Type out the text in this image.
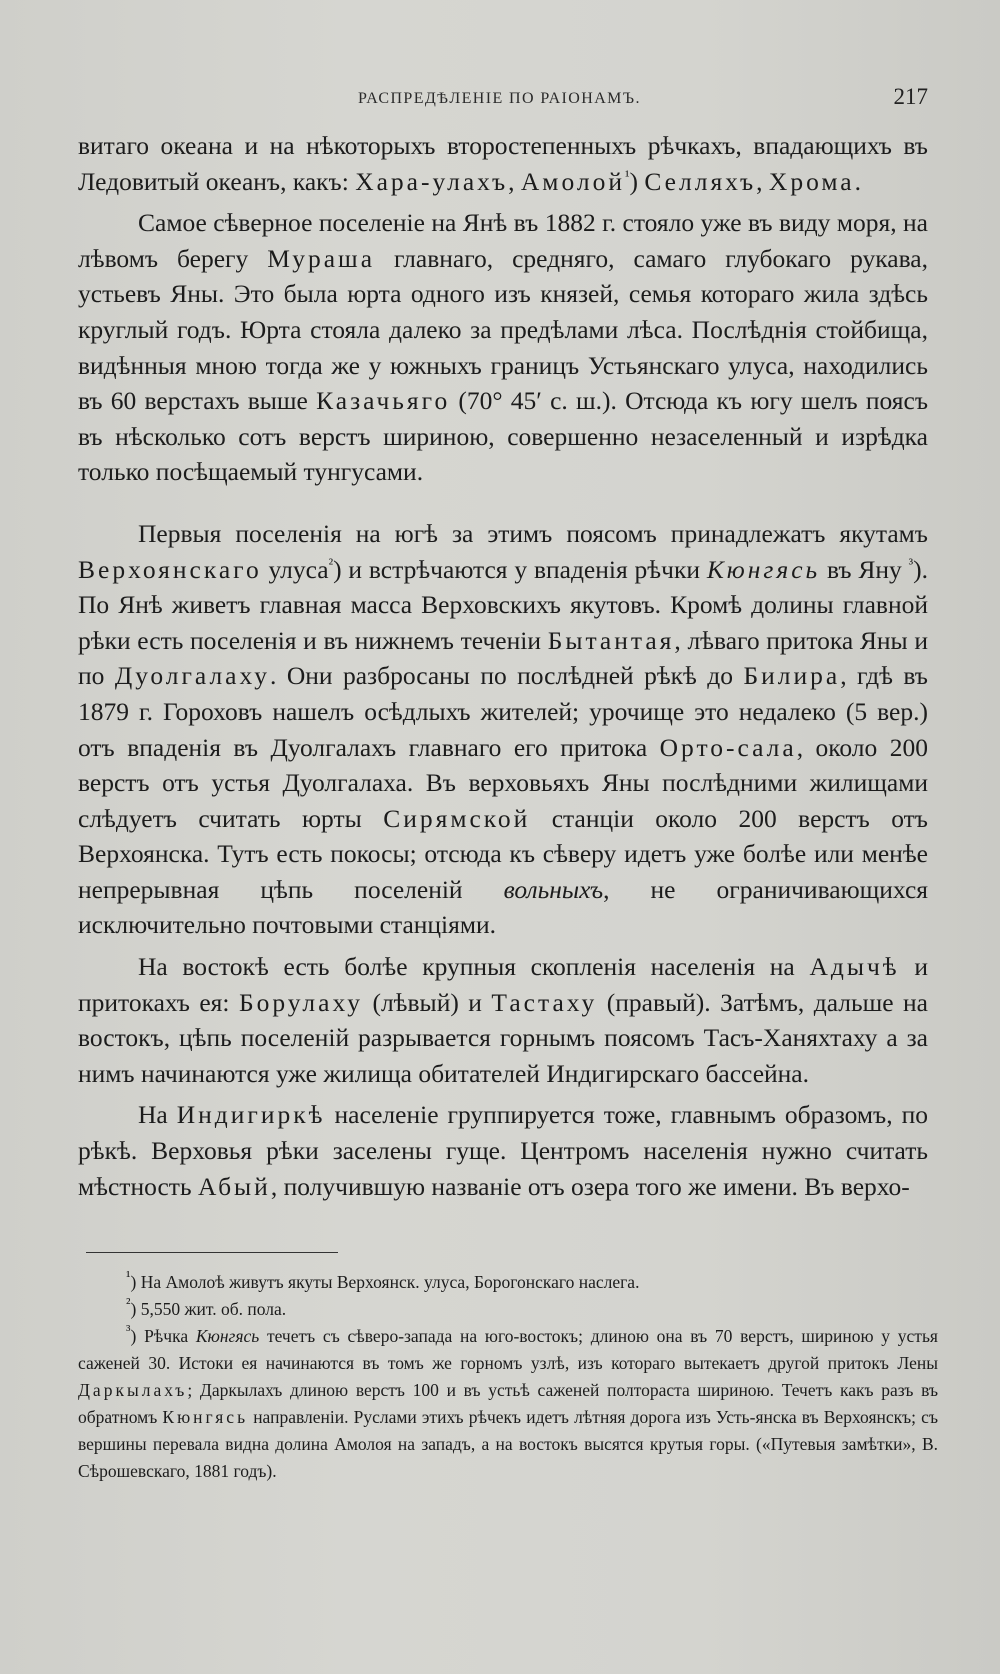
РАСПРЕДѢЛЕНІЕ ПО РАІОНАМЪ.	217

витаго океана и на нѣкоторыхъ второстепенныхъ рѣчкахъ, впадающихъ въ Ледовитый океанъ, какъ: Хара-улахъ, Амолой$^{^1}$) Селляхъ, Хрома.

Самое сѣверное поселеніе на Янѣ въ 1882 г. стояло уже въ виду моря, на лѣвомъ берегу Мураша главнаго, средняго, самаго глубокаго рукава, устьевъ Яны. Это была юрта одного изъ князей, семья котораго жила здѣсь круглый годъ. Юрта стояла далеко за предѣлами лѣса. Послѣднія стойбища, видѣнныя мною тогда же у южныхъ границъ Устьянскаго улуса, находились въ 60 верстахъ выше Казачьяго (70° 45′ с. ш.). Отсюда къ югу шелъ поясъ въ нѣсколько сотъ верстъ шириною, совершенно незаселенный и изрѣдка только посѣщаемый тунгусами.

Первыя поселенія на югѣ за этимъ поясомъ принадлежатъ якутамъ Верхоянскаго улуса$^{^2}$) и встрѣчаются у впаденія рѣчки Кюнгясь въ Яну $^{^3}$). По Янѣ живетъ главная масса Верховскихъ якутовъ. Кромѣ долины главной рѣки есть поселенія и въ нижнемъ теченіи Бытантая, лѣваго притока Яны и по Дуолгалаху. Они разбросаны по послѣдней рѣкѣ до Билира, гдѣ въ 1879 г. Гороховъ нашелъ осѣдлыхъ жителей; урочище это недалеко (5 вер.) отъ впаденія въ Дуолгалахъ главнаго его притока Орто-сала, около 200 верстъ отъ устья Дуолгалаха. Въ верховьяхъ Яны послѣдними жилищами слѣдуетъ считать юрты Сирямской станціи около 200 верстъ отъ Верхоянска. Тутъ есть покосы; отсюда къ сѣверу идетъ уже болѣе или менѣе непрерывная цѣпь поселеній вольныхъ, не ограничивающихся исключительно почтовыми станціями.

На востокѣ есть болѣе крупныя скопленія населенія на Адычѣ и притокахъ ея: Борулаху (лѣвый) и Тастаху (правый). Затѣмъ, дальше на востокъ, цѣпь поселеній разрывается горнымъ поясомъ Тасъ-Ханяхтаху а за нимъ начинаются уже жилища обитателей Индигирскаго бассейна.

На Индигиркѣ населеніе группируется тоже, главнымъ образомъ, по рѣкѣ. Верховья рѣки заселены гуще. Центромъ населенія нужно считать мѣстность Абый, получившую названіе отъ озера того же имени. Въ верхо-

$^{^1}$) На Амолоѣ живутъ якуты Верхоянск. улуса, Борогонскаго наслега.

$^{^2}$) 5,550 жит. об. пола.

$^{^3}$) Рѣчка Кюнгясь течетъ съ сѣверо-запада на юго-востокъ; длиною она въ 70 верстъ, шириною у устья саженей 30. Истоки ея начинаются въ томъ же горномъ узлѣ, изъ котораго вытекаетъ другой притокъ Лены Даркылахъ; Даркылахъ длиною верстъ 100 и въ устьѣ саженей полтораста шириною. Течетъ какъ разъ въ обратномъ Кюнгясь направленіи. Руслами этихъ рѣчекъ идетъ лѣтняя дорога изъ Усть-янска въ Верхоянскъ; съ вершины перевала видна долина Амолоя на западъ, а на востокъ высятся крутыя горы. («Путевыя замѣтки», В. Сѣрошевскаго, 1881 годъ).
